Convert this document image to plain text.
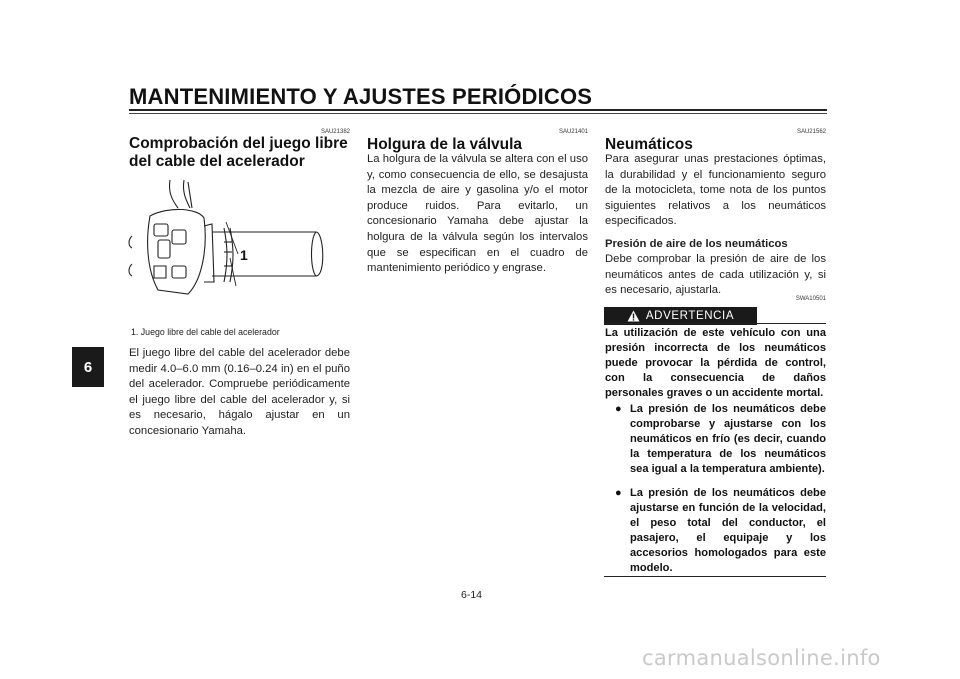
MANTENIMIENTO Y AJUSTES PERIÓDICOS
6
SAU21382
Comprobación del juego libre del cable del acelerador
1
1. Juego libre del cable del acelerador
El juego libre del cable del acelerador debe medir 4.0–6.0 mm (0.16–0.24 in) en el puño del acelerador. Compruebe periódicamente el juego libre del cable del acelerador y, si es necesario, hágalo ajustar en un concesionario Yamaha.
SAU21401
Holgura de la válvula
La holgura de la válvula se altera con el uso y, como consecuencia de ello, se desajusta la mezcla de aire y gasolina y/o el motor produce ruidos. Para evitarlo, un concesionario Yamaha debe ajustar la holgura de la válvula según los intervalos que se especifican en el cuadro de mantenimiento periódico y engrase.
SAU21562
Neumáticos
Para asegurar unas prestaciones óptimas, la durabilidad y el funcionamiento seguro de la motocicleta, tome nota de los puntos siguientes relativos a los neumáticos especificados.
Presión de aire de los neumáticos
Debe comprobar la presión de aire de los neumáticos antes de cada utilización y, si es necesario, ajustarla.
SWA10501
ADVERTENCIA
La utilización de este vehículo con una presión incorrecta de los neumáticos puede provocar la pérdida de control, con la consecuencia de daños personales graves o un accidente mortal.
● La presión de los neumáticos debe comprobarse y ajustarse con los neumáticos en frío (es decir, cuando la temperatura de los neumáticos sea igual a la temperatura ambiente).
● La presión de los neumáticos debe ajustarse en función de la velocidad, el peso total del conductor, el pasajero, el equipaje y los accesorios homologados para este modelo.
6-14
carmanualsonline.info
